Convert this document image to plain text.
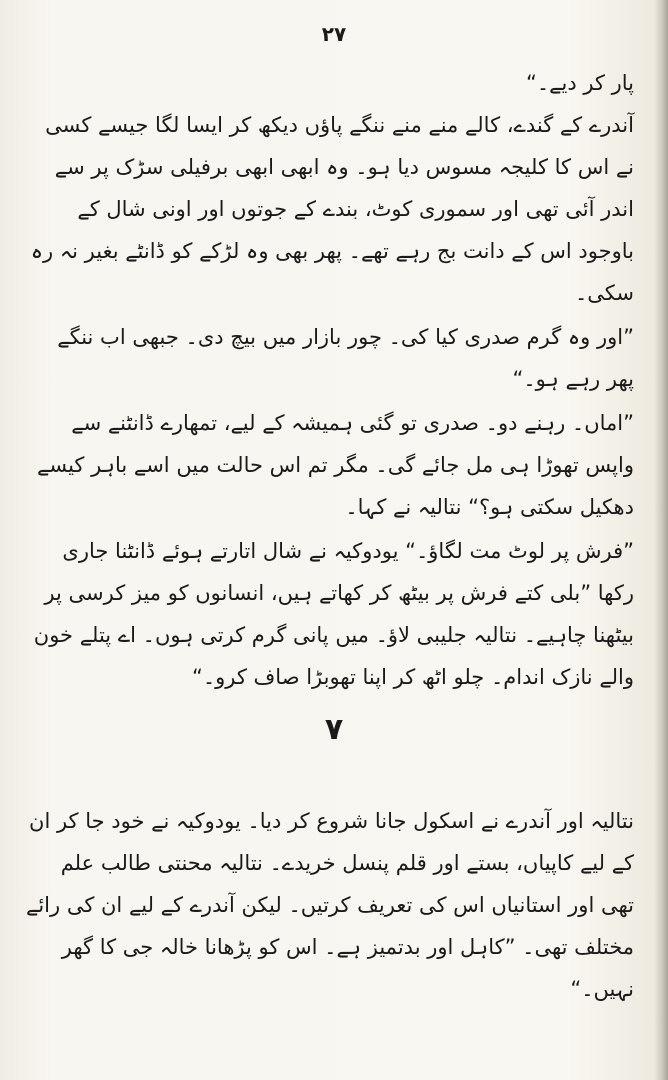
۲۷

پار کر دیے۔“

آندرے کے گندے، کالے منے منے ننگے پاؤں دیکھ کر ایسا لگا جیسے کسی نے اس کا کلیجہ مسوس دیا ہو۔ وہ ابھی ابھی برفیلی سڑک پر سے اندر آئی تھی اور سموری کوٹ، بندے کے جوتوں اور اونی شال کے باوجود اس کے دانت بج رہے تھے۔ پھر بھی وہ لڑکے کو ڈانٹے بغیر نہ رہ سکی۔

”اور وہ گرم صدری کیا کی۔ چور بازار میں بیچ دی۔ جبھی اب ننگے پھر رہے ہو۔“

”اماں۔ رہنے دو۔ صدری تو گئی ہمیشہ کے لیے، تمھارے ڈانٹنے سے واپس تھوڑا ہی مل جائے گی۔ مگر تم اس حالت میں اسے باہر کیسے دھکیل سکتی ہو؟“ نتالیہ نے کہا۔

”فرش پر لوٹ مت لگاؤ۔“ یودوکیہ نے شال اتارتے ہوئے ڈانٹنا جاری رکھا ”بلی کتے فرش پر بیٹھ کر کھاتے ہیں، انسانوں کو میز کرسی پر بیٹھنا چاہیے۔ نتالیہ جلیبی لاؤ۔ میں پانی گرم کرتی ہوں۔ اے پتلے خون والے نازک اندام۔ چلو اٹھ کر اپنا تھوبڑا صاف کرو۔“

۷

نتالیہ اور آندرے نے اسکول جانا شروع کر دیا۔ یودوکیہ نے خود جا کر ان کے لیے کاپیاں، بستے اور قلم پنسل خریدے۔ نتالیہ محنتی طالب علم تھی اور استانیاں اس کی تعریف کرتیں۔ لیکن آندرے کے لیے ان کی رائے مختلف تھی۔ ”کاہل اور بدتمیز ہے۔ اس کو پڑھانا خالہ جی کا گھر نہیں۔“
